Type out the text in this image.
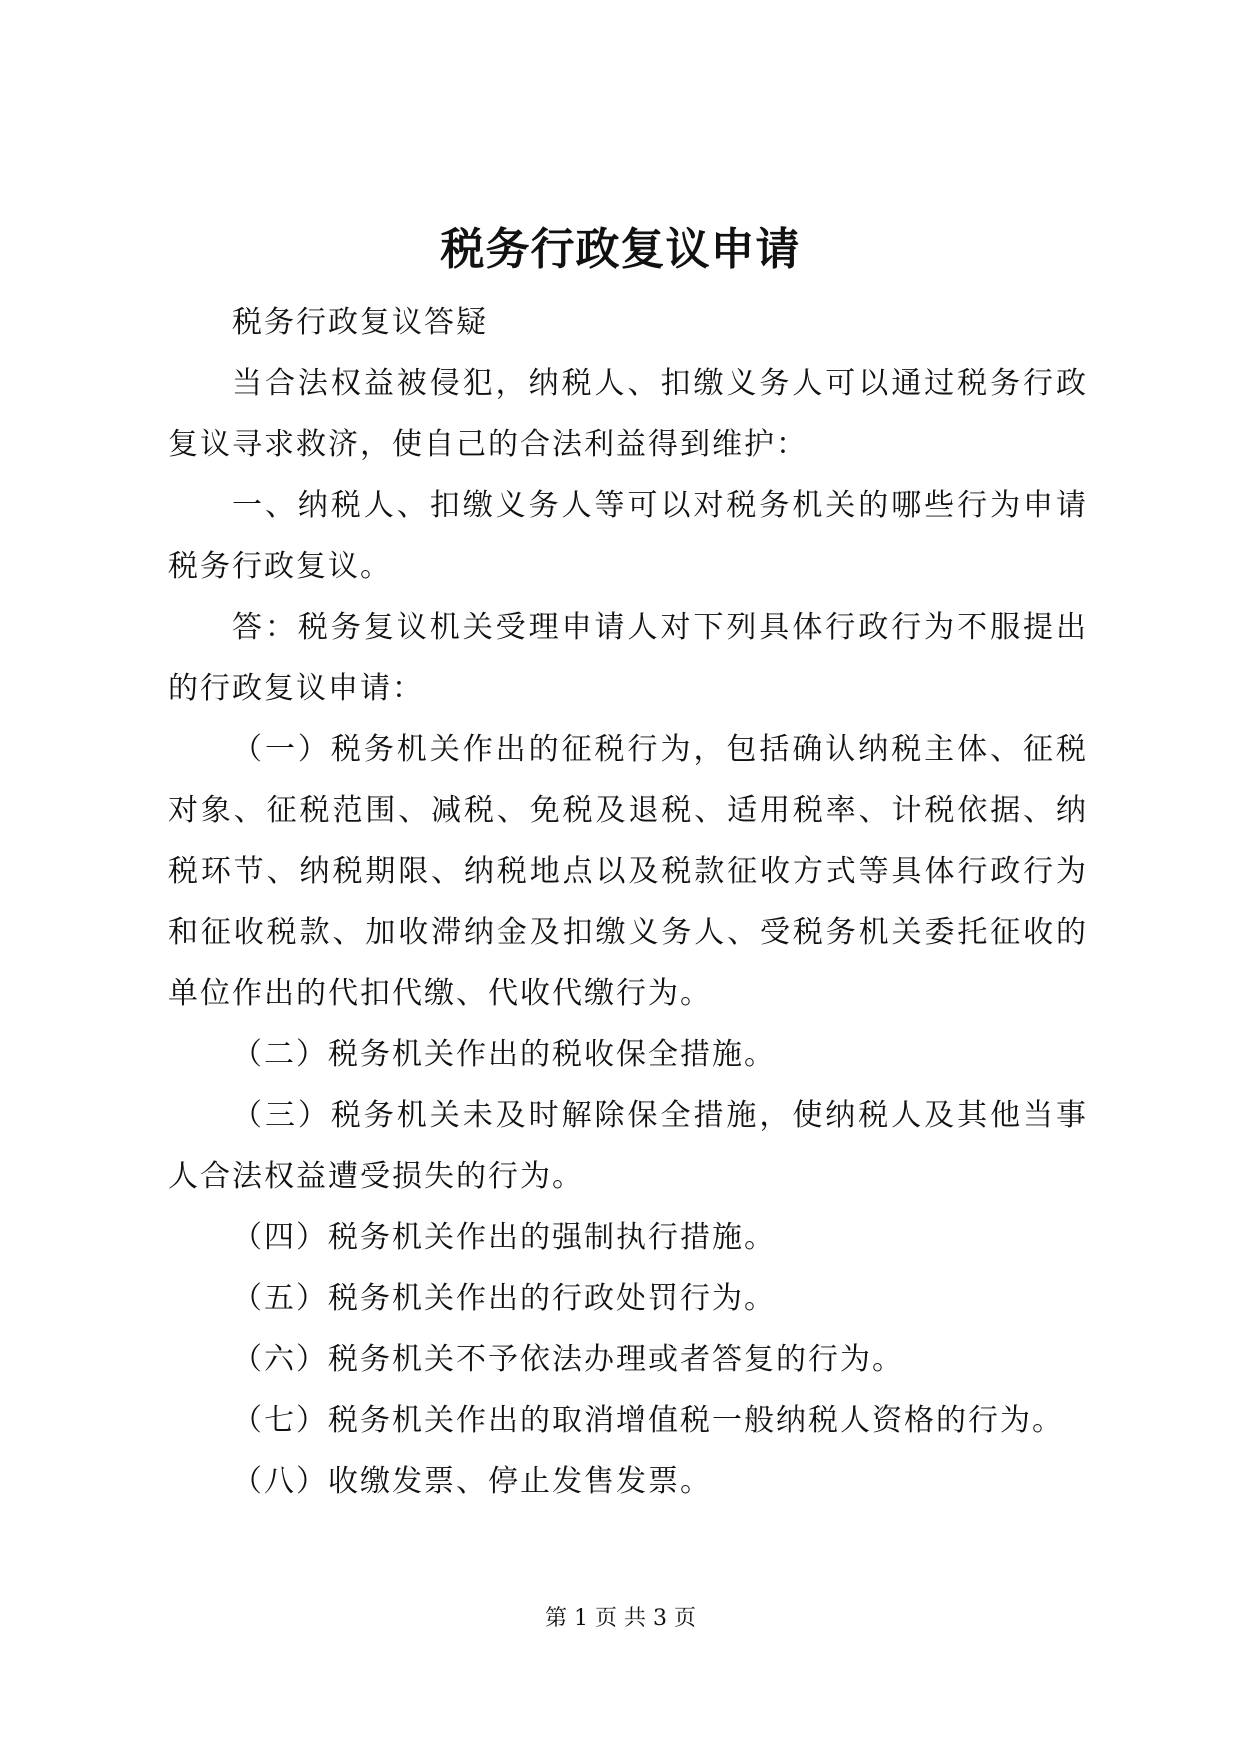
税务行政复议申请

税务行政复议答疑

当合法权益被侵犯，纳税人、扣缴义务人可以通过税务行政复议寻求救济，使自己的合法利益得到维护：

一、纳税人、扣缴义务人等可以对税务机关的哪些行为申请税务行政复议。

答：税务复议机关受理申请人对下列具体行政行为不服提出的行政复议申请：

（一）税务机关作出的征税行为，包括确认纳税主体、征税对象、征税范围、减税、免税及退税、适用税率、计税依据、纳税环节、纳税期限、纳税地点以及税款征收方式等具体行政行为和征收税款、加收滞纳金及扣缴义务人、受税务机关委托征收的单位作出的代扣代缴、代收代缴行为。

（二）税务机关作出的税收保全措施。

（三）税务机关未及时解除保全措施，使纳税人及其他当事人合法权益遭受损失的行为。

（四）税务机关作出的强制执行措施。

（五）税务机关作出的行政处罚行为。

（六）税务机关不予依法办理或者答复的行为。

（七）税务机关作出的取消增值税一般纳税人资格的行为。

（八）收缴发票、停止发售发票。

第 1 页 共 3 页
